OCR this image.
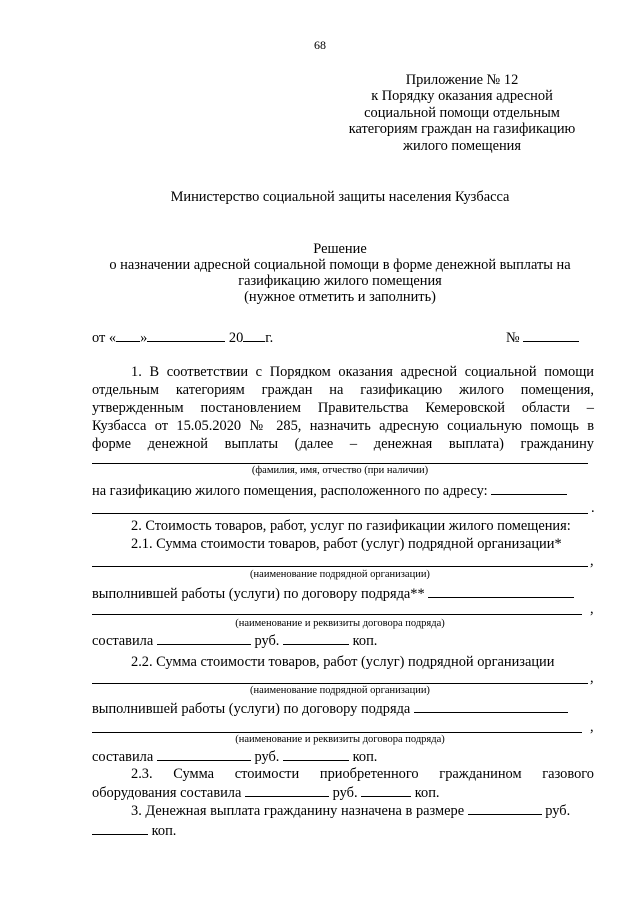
68
Приложение № 12
к Порядку оказания адресной
социальной помощи отдельным
категориям граждан на газификацию
жилого помещения
Министерство социальной защиты населения Кузбасса
Решение
о назначении адресной социальной помощи в форме денежной выплаты на
газификацию жилого помещения
(нужное отметить и заполнить)
от « »	20 г.	№
1. В соответствии с Порядком оказания адресной социальной помощи
отдельным категориям граждан на газификацию жилого помещения,
утвержденным постановлением Правительства Кемеровской области –
Кузбасса от 15.05.2020 № 285, назначить адресную социальную помощь в
форме денежной выплаты (далее – денежная выплата) гражданину
(фамилия, имя, отчество (при наличии)
на газификацию жилого помещения, расположенного по адресу:
.
2. Стоимость товаров, работ, услуг по газификации жилого помещения:
2.1. Сумма стоимости товаров, работ (услуг) подрядной организации*
,
(наименование подрядной организации)
выполнившей работы (услуги) по договору подряда**
,
(наименование и реквизиты договора подряда)
составила	руб.	коп.
2.2. Сумма стоимости товаров, работ (услуг) подрядной организации
,
(наименование подрядной организации)
выполнившей работы (услуги) по договору подряда
,
(наименование и реквизиты договора подряда)
составила	руб.	коп.
2.3. Сумма стоимости приобретенного гражданином газового
оборудования составила	руб.	коп.
3. Денежная выплата гражданину назначена в размере	руб.
коп.
